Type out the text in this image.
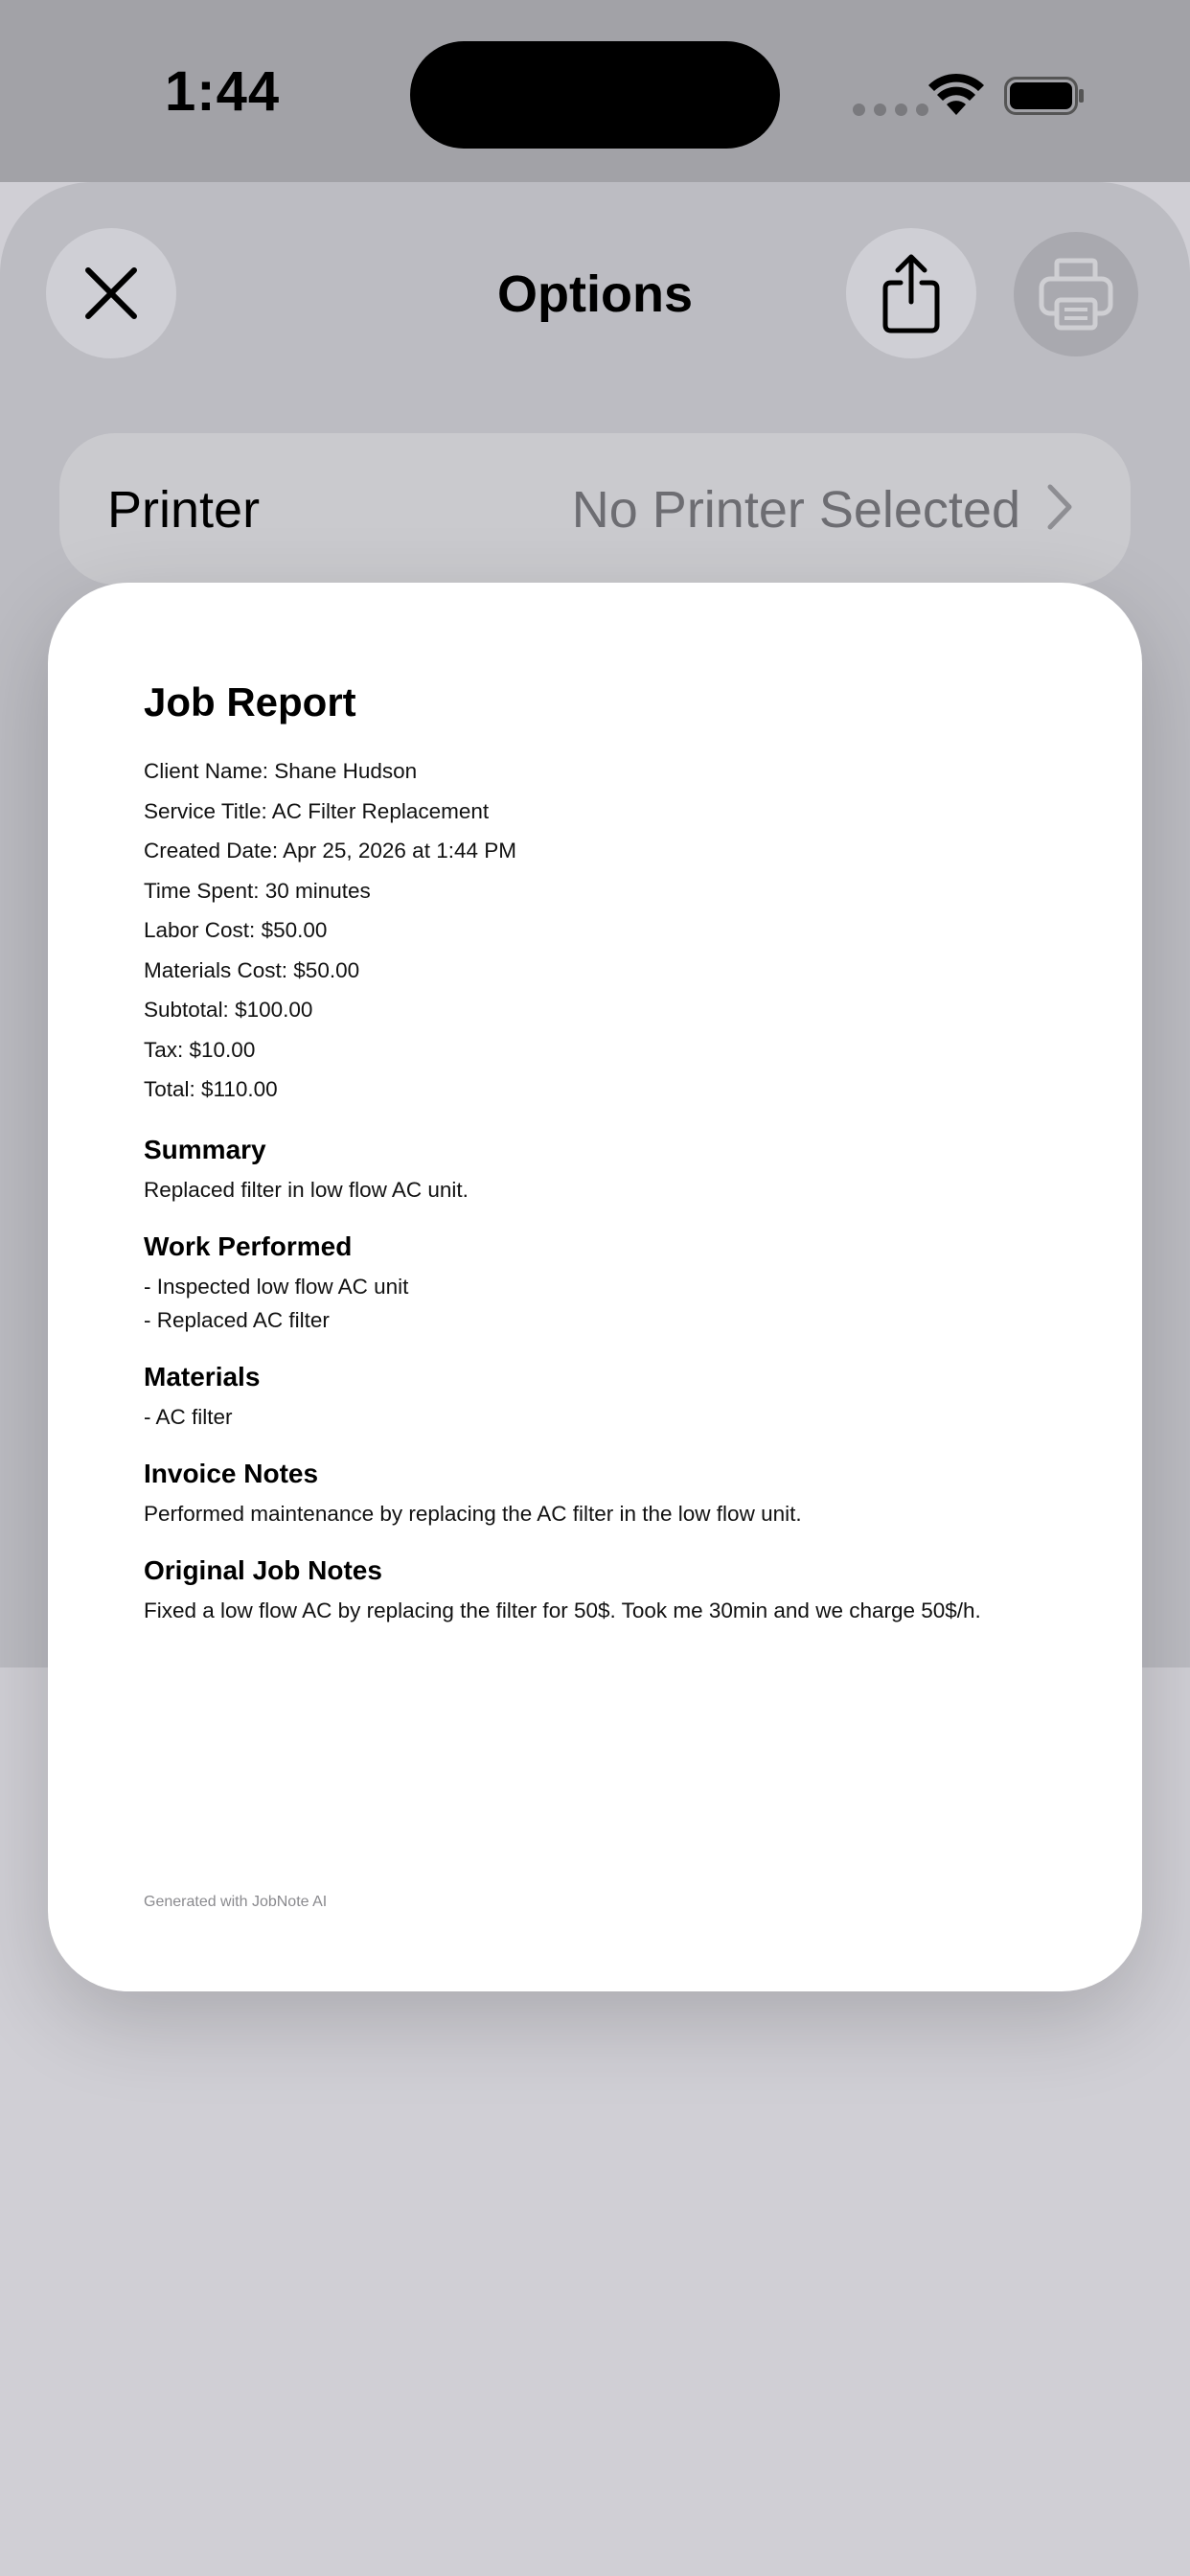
1:44
Options
Printer	No Printer Selected
Job Report
Client Name: Shane Hudson
Service Title: AC Filter Replacement
Created Date: Apr 25, 2026 at 1:44 PM
Time Spent: 30 minutes
Labor Cost: $50.00
Materials Cost: $50.00
Subtotal: $100.00
Tax: $10.00
Total: $110.00
Summary
Replaced filter in low flow AC unit.
Work Performed
- Inspected low flow AC unit
- Replaced AC filter
Materials
- AC filter
Invoice Notes
Performed maintenance by replacing the AC filter in the low flow unit.
Original Job Notes
Fixed a low flow AC by replacing the filter for 50$. Took me 30min and we charge 50$/h.
Generated with JobNote AI
